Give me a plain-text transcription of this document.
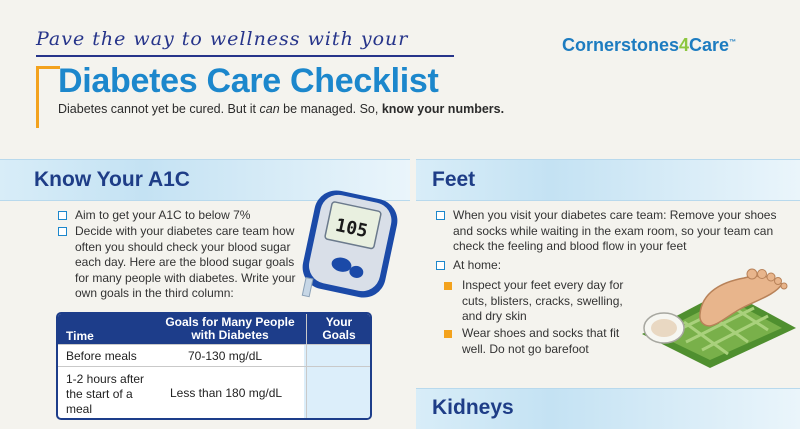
Pave the way to wellness with your	Cornerstones4Care™
Diabetes Care Checklist
Diabetes cannot yet be cured. But it can be managed. So, know your numbers.
Know Your A1C
Aim to get your A1C to below 7%
Decide with your diabetes care team how often you should check your blood sugar each day. Here are the blood sugar goals for many people with diabetes. Write your own goals in the third column:
105
Time
Goals for Many People with Diabetes
Your Goals
Before meals	70-130 mg/dL
1-2 hours after the start of a meal
Less than 180 mg/dL
Feet
When you visit your diabetes care team: Remove your shoes and socks while waiting in the exam room, so your team can check the feeling and blood flow in your feet
At home:
Inspect your feet every day for cuts, blisters, cracks, swelling, and dry skin
Wear shoes and socks that fit well. Do not go barefoot
Kidneys
